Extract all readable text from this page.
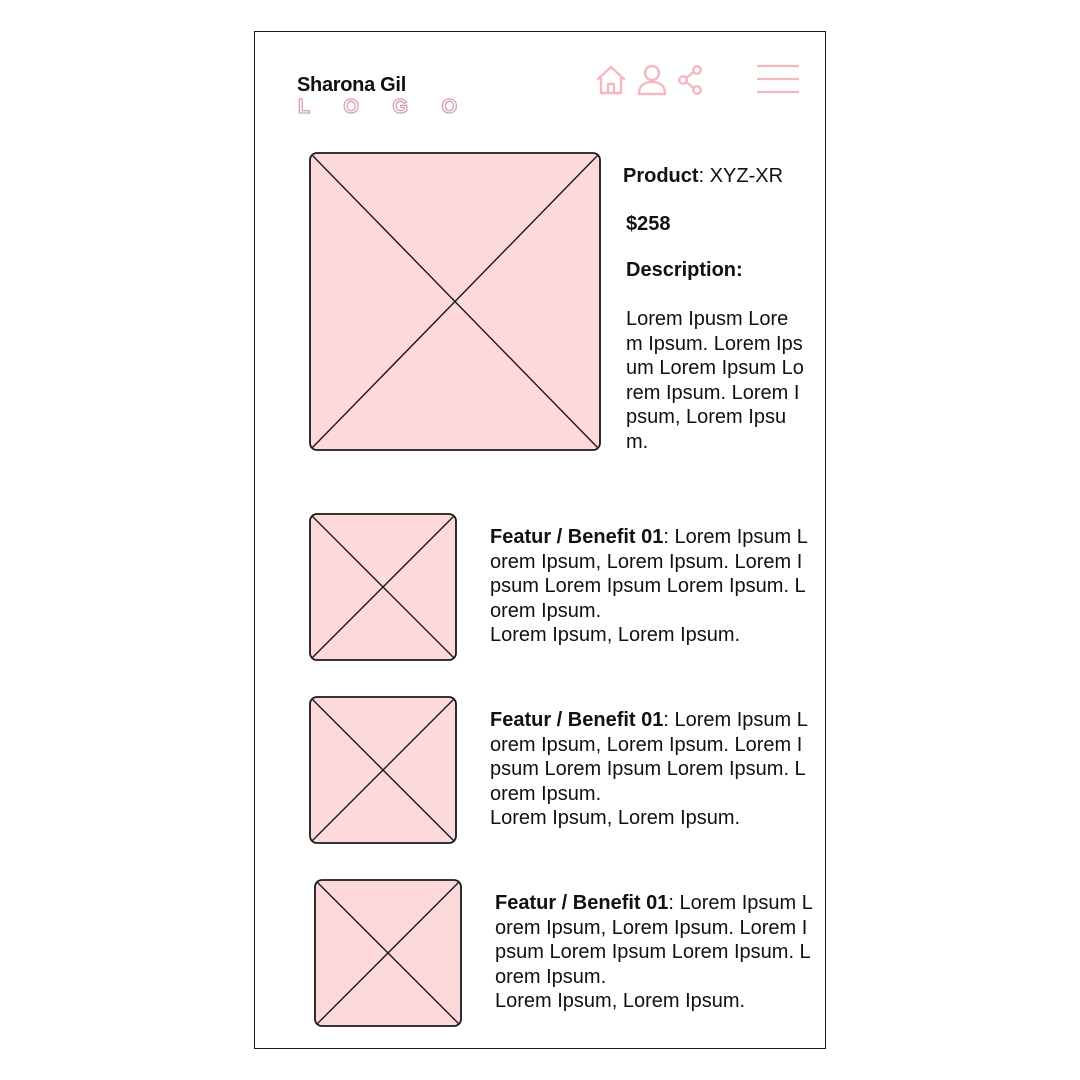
Sharona Gil
L O G O
Product: XYZ-XR
$258
Description:
Lorem Ipusm Lorem Ipsum. Lorem Ipsum Lorem Ipsum Lorem Ipsum. Lorem Ipsum, Lorem Ipsum.
Featur / Benefit 01: Lorem Ipsum Lorem Ipsum, Lorem Ipsum. Lorem Ipsum Lorem Ipsum Lorem Ipsum. Lorem Ipsum.
Lorem Ipsum, Lorem Ipsum.
Featur / Benefit 01: Lorem Ipsum Lorem Ipsum, Lorem Ipsum. Lorem Ipsum Lorem Ipsum Lorem Ipsum. Lorem Ipsum.
Lorem Ipsum, Lorem Ipsum.
Featur / Benefit 01: Lorem Ipsum Lorem Ipsum, Lorem Ipsum. Lorem Ipsum Lorem Ipsum Lorem Ipsum. Lorem Ipsum.
Lorem Ipsum, Lorem Ipsum.
